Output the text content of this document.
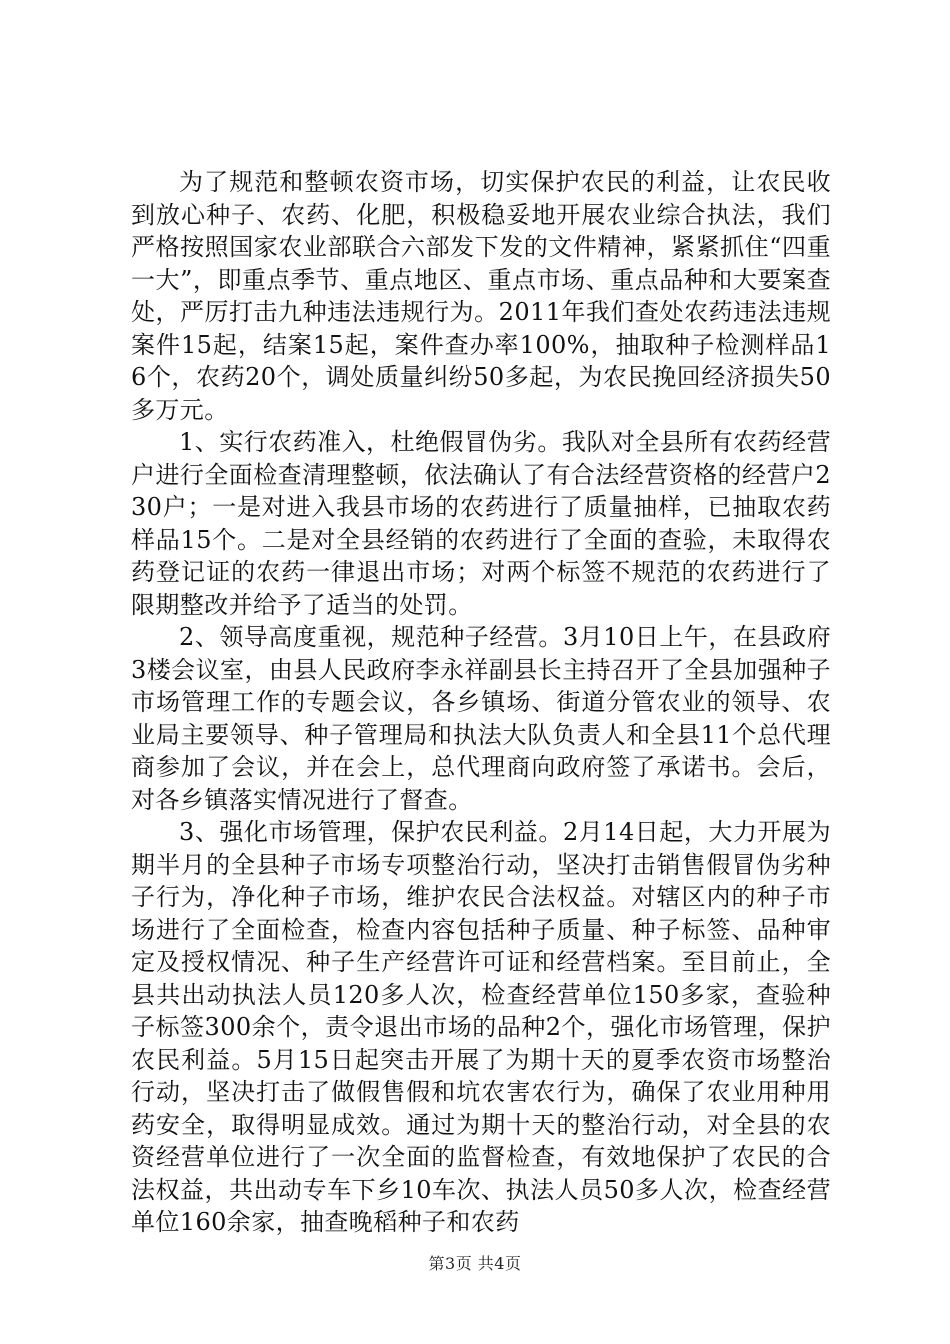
为了规范和整顿农资市场，切实保护农民的利益，让农民收到放心种子、农药、化肥，积极稳妥地开展农业综合执法，我们严格按照国家农业部联合六部发下发的文件精神，紧紧抓住“四重一大”，即重点季节、重点地区、重点市场、重点品种和大要案查处，严厉打击九种违法违规行为。2011年我们查处农药违法违规案件15起，结案15起，案件查办率100%，抽取种子检测样品16个，农药20个，调处质量纠纷50多起，为农民挽回经济损失50多万元。

1、实行农药准入，杜绝假冒伪劣。我队对全县所有农药经营户进行全面检查清理整顿，依法确认了有合法经营资格的经营户230户；一是对进入我县市场的农药进行了质量抽样，已抽取农药样品15个。二是对全县经销的农药进行了全面的查验，未取得农药登记证的农药一律退出市场；对两个标签不规范的农药进行了限期整改并给予了适当的处罚。

2、领导高度重视，规范种子经营。3月10日上午，在县政府3楼会议室，由县人民政府李永祥副县长主持召开了全县加强种子市场管理工作的专题会议，各乡镇场、街道分管农业的领导、农业局主要领导、种子管理局和执法大队负责人和全县11个总代理商参加了会议，并在会上，总代理商向政府签了承诺书。会后，对各乡镇落实情况进行了督查。

3、强化市场管理，保护农民利益。2月14日起，大力开展为期半月的全县种子市场专项整治行动，坚决打击销售假冒伪劣种子行为，净化种子市场，维护农民合法权益。对辖区内的种子市场进行了全面检查，检查内容包括种子质量、种子标签、品种审定及授权情况、种子生产经营许可证和经营档案。至目前止，全县共出动执法人员120多人次，检查经营单位150多家，查验种子标签300余个，责令退出市场的品种2个，强化市场管理，保护农民利益。5月15日起突击开展了为期十天的夏季农资市场整治行动，坚决打击了做假售假和坑农害农行为，确保了农业用种用药安全，取得明显成效。通过为期十天的整治行动，对全县的农资经营单位进行了一次全面的监督检查，有效地保护了农民的合法权益，共出动专车下乡10车次、执法人员50多人次，检查经营单位160余家，抽查晚稻种子和农药

第3页 共4页
